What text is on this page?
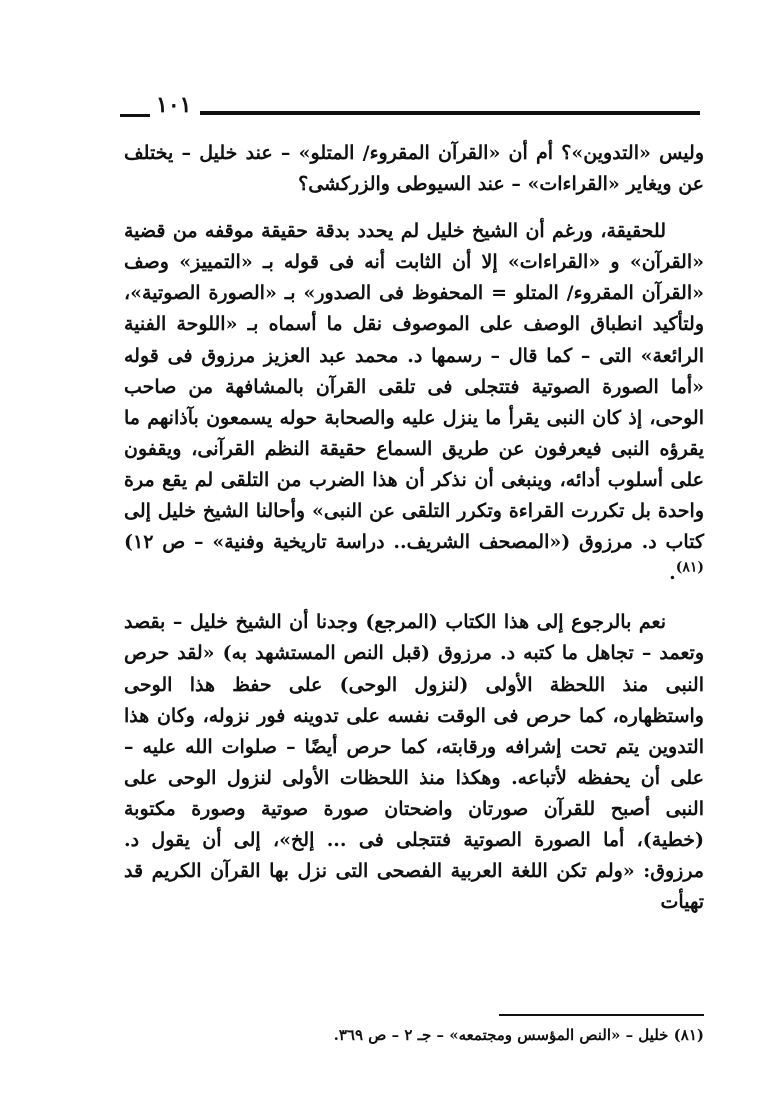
١٠١

وليس «التدوين»؟ أم أن «القرآن المقروء/ المتلو» – عند خليل – يختلف عن ويغاير «القراءات» – عند السيوطى والزركشى؟

للحقيقة، ورغم أن الشيخ خليل لم يحدد بدقة حقيقة موقفه من قضية «القرآن» و «القراءات» إلا أن الثابت أنه فى قوله بـ «التمييز» وصف «القرآن المقروء/ المتلو = المحفوظ فى الصدور» بـ «الصورة الصوتية»، ولتأكيد انطباق الوصف على الموصوف نقل ما أسماه بـ «اللوحة الفنية الرائعة» التى – كما قال – رسمها د. محمد عبد العزيز مرزوق فى قوله «أما الصورة الصوتية فتتجلى فى تلقى القرآن بالمشافهة من صاحب الوحى، إذ كان النبى يقرأ ما ينزل عليه والصحابة حوله يسمعون بآذانهم ما يقرؤه النبى فيعرفون عن طريق السماع حقيقة النظم القرآنى، ويقفون على أسلوب أدائه، وينبغى أن نذكر أن هذا الضرب من التلقى لم يقع مرة واحدة بل تكررت القراءة وتكرر التلقى عن النبى» وأحالنا الشيخ خليل إلى كتاب د. مرزوق («المصحف الشريف.. دراسة تاريخية وفنية» – ص ١٢) $^{(٨١)}$.

نعم بالرجوع إلى هذا الكتاب (المرجع) وجدنا أن الشيخ خليل – بقصد وتعمد – تجاهل ما كتبه د. مرزوق (قبل النص المستشهد به) «لقد حرص النبى منذ اللحظة الأولى (لنزول الوحى) على حفظ هذا الوحى واستظهاره، كما حرص فى الوقت نفسه على تدوينه فور نزوله، وكان هذا التدوين يتم تحت إشرافه ورقابته، كما حرص أيضًا – صلوات الله عليه – على أن يحفظه لأتباعه. وهكذا منذ اللحظات الأولى لنزول الوحى على النبى أصبح للقرآن صورتان واضحتان صورة صوتية وصورة مكتوبة (خطية)، أما الصورة الصوتية فتتجلى فى ... إلخ»، إلى أن يقول د. مرزوق: «ولم تكن اللغة العربية الفصحى التى نزل بها القرآن الكريم قد تهيأت

(٨١) خليل – «النص المؤسس ومجتمعه» – جـ ٢ – ص ٣٦٩.
